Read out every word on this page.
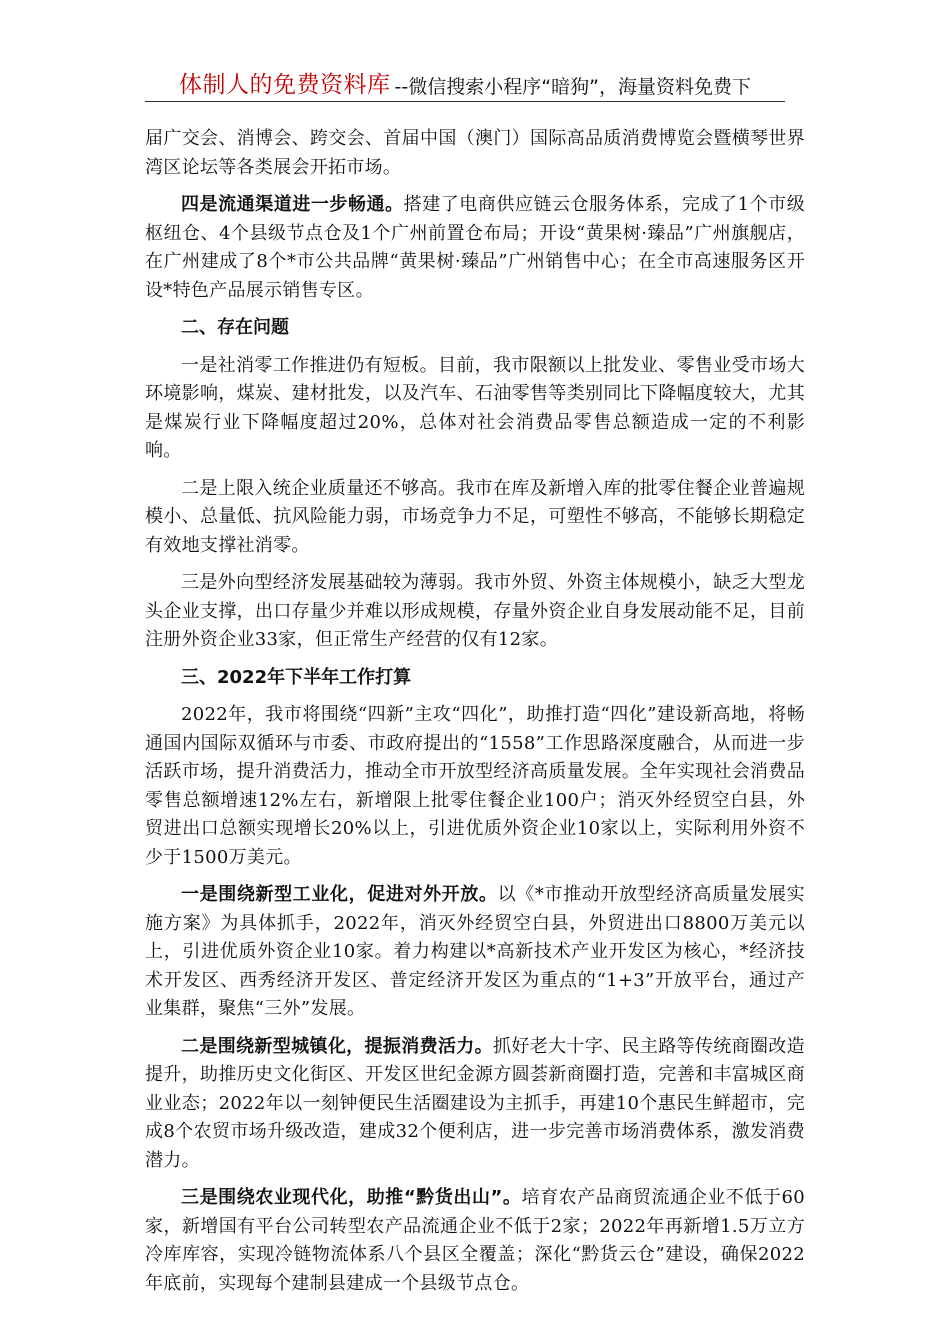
体制人的免费资料库 --微信搜索小程序“暗狗”，海量资料免费下

届广交会、消博会、跨交会、首届中国（澳门）国际高品质消费博览会暨横琴世界湾区论坛等各类展会开拓市场。

四是流通渠道进一步畅通。搭建了电商供应链云仓服务体系，完成了1个市级枢纽仓、4个县级节点仓及1个广州前置仓布局；开设“黄果树·臻品”广州旗舰店，在广州建成了8个*市公共品牌“黄果树·臻品”广州销售中心；在全市高速服务区开设*特色产品展示销售专区。

二、存在问题

一是社消零工作推进仍有短板。目前，我市限额以上批发业、零售业受市场大环境影响，煤炭、建材批发，以及汽车、石油零售等类别同比下降幅度较大，尤其是煤炭行业下降幅度超过20%，总体对社会消费品零售总额造成一定的不利影响。

二是上限入统企业质量还不够高。我市在库及新增入库的批零住餐企业普遍规模小、总量低、抗风险能力弱，市场竞争力不足，可塑性不够高，不能够长期稳定有效地支撑社消零。

三是外向型经济发展基础较为薄弱。我市外贸、外资主体规模小，缺乏大型龙头企业支撑，出口存量少并难以形成规模，存量外资企业自身发展动能不足，目前注册外资企业33家，但正常生产经营的仅有12家。

三、2022年下半年工作打算

2022年，我市将围绕“四新”主攻“四化”，助推打造“四化”建设新高地，将畅通国内国际双循环与市委、市政府提出的“1558”工作思路深度融合，从而进一步活跃市场，提升消费活力，推动全市开放型经济高质量发展。全年实现社会消费品零售总额增速12%左右，新增限上批零住餐企业100户；消灭外经贸空白县，外贸进出口总额实现增长20%以上，引进优质外资企业10家以上，实际利用外资不少于1500万美元。

一是围绕新型工业化，促进对外开放。以《*市推动开放型经济高质量发展实施方案》为具体抓手，2022年，消灭外经贸空白县，外贸进出口8800万美元以上，引进优质外资企业10家。着力构建以*高新技术产业开发区为核心，*经济技术开发区、西秀经济开发区、普定经济开发区为重点的“1+3”开放平台，通过产业集群，聚焦“三外”发展。

二是围绕新型城镇化，提振消费活力。抓好老大十字、民主路等传统商圈改造提升，助推历史文化街区、开发区世纪金源方圆荟新商圈打造，完善和丰富城区商业业态；2022年以一刻钟便民生活圈建设为主抓手，再建10个惠民生鲜超市，完成8个农贸市场升级改造，建成32个便利店，进一步完善市场消费体系，激发消费潜力。

三是围绕农业现代化，助推“黔货出山”。培育农产品商贸流通企业不低于60家，新增国有平台公司转型农产品流通企业不低于2家；2022年再新增1.5万立方冷库库容，实现冷链物流体系八个县区全覆盖；深化“黔货云仓”建设，确保2022年底前，实现每个建制县建成一个县级节点仓。
